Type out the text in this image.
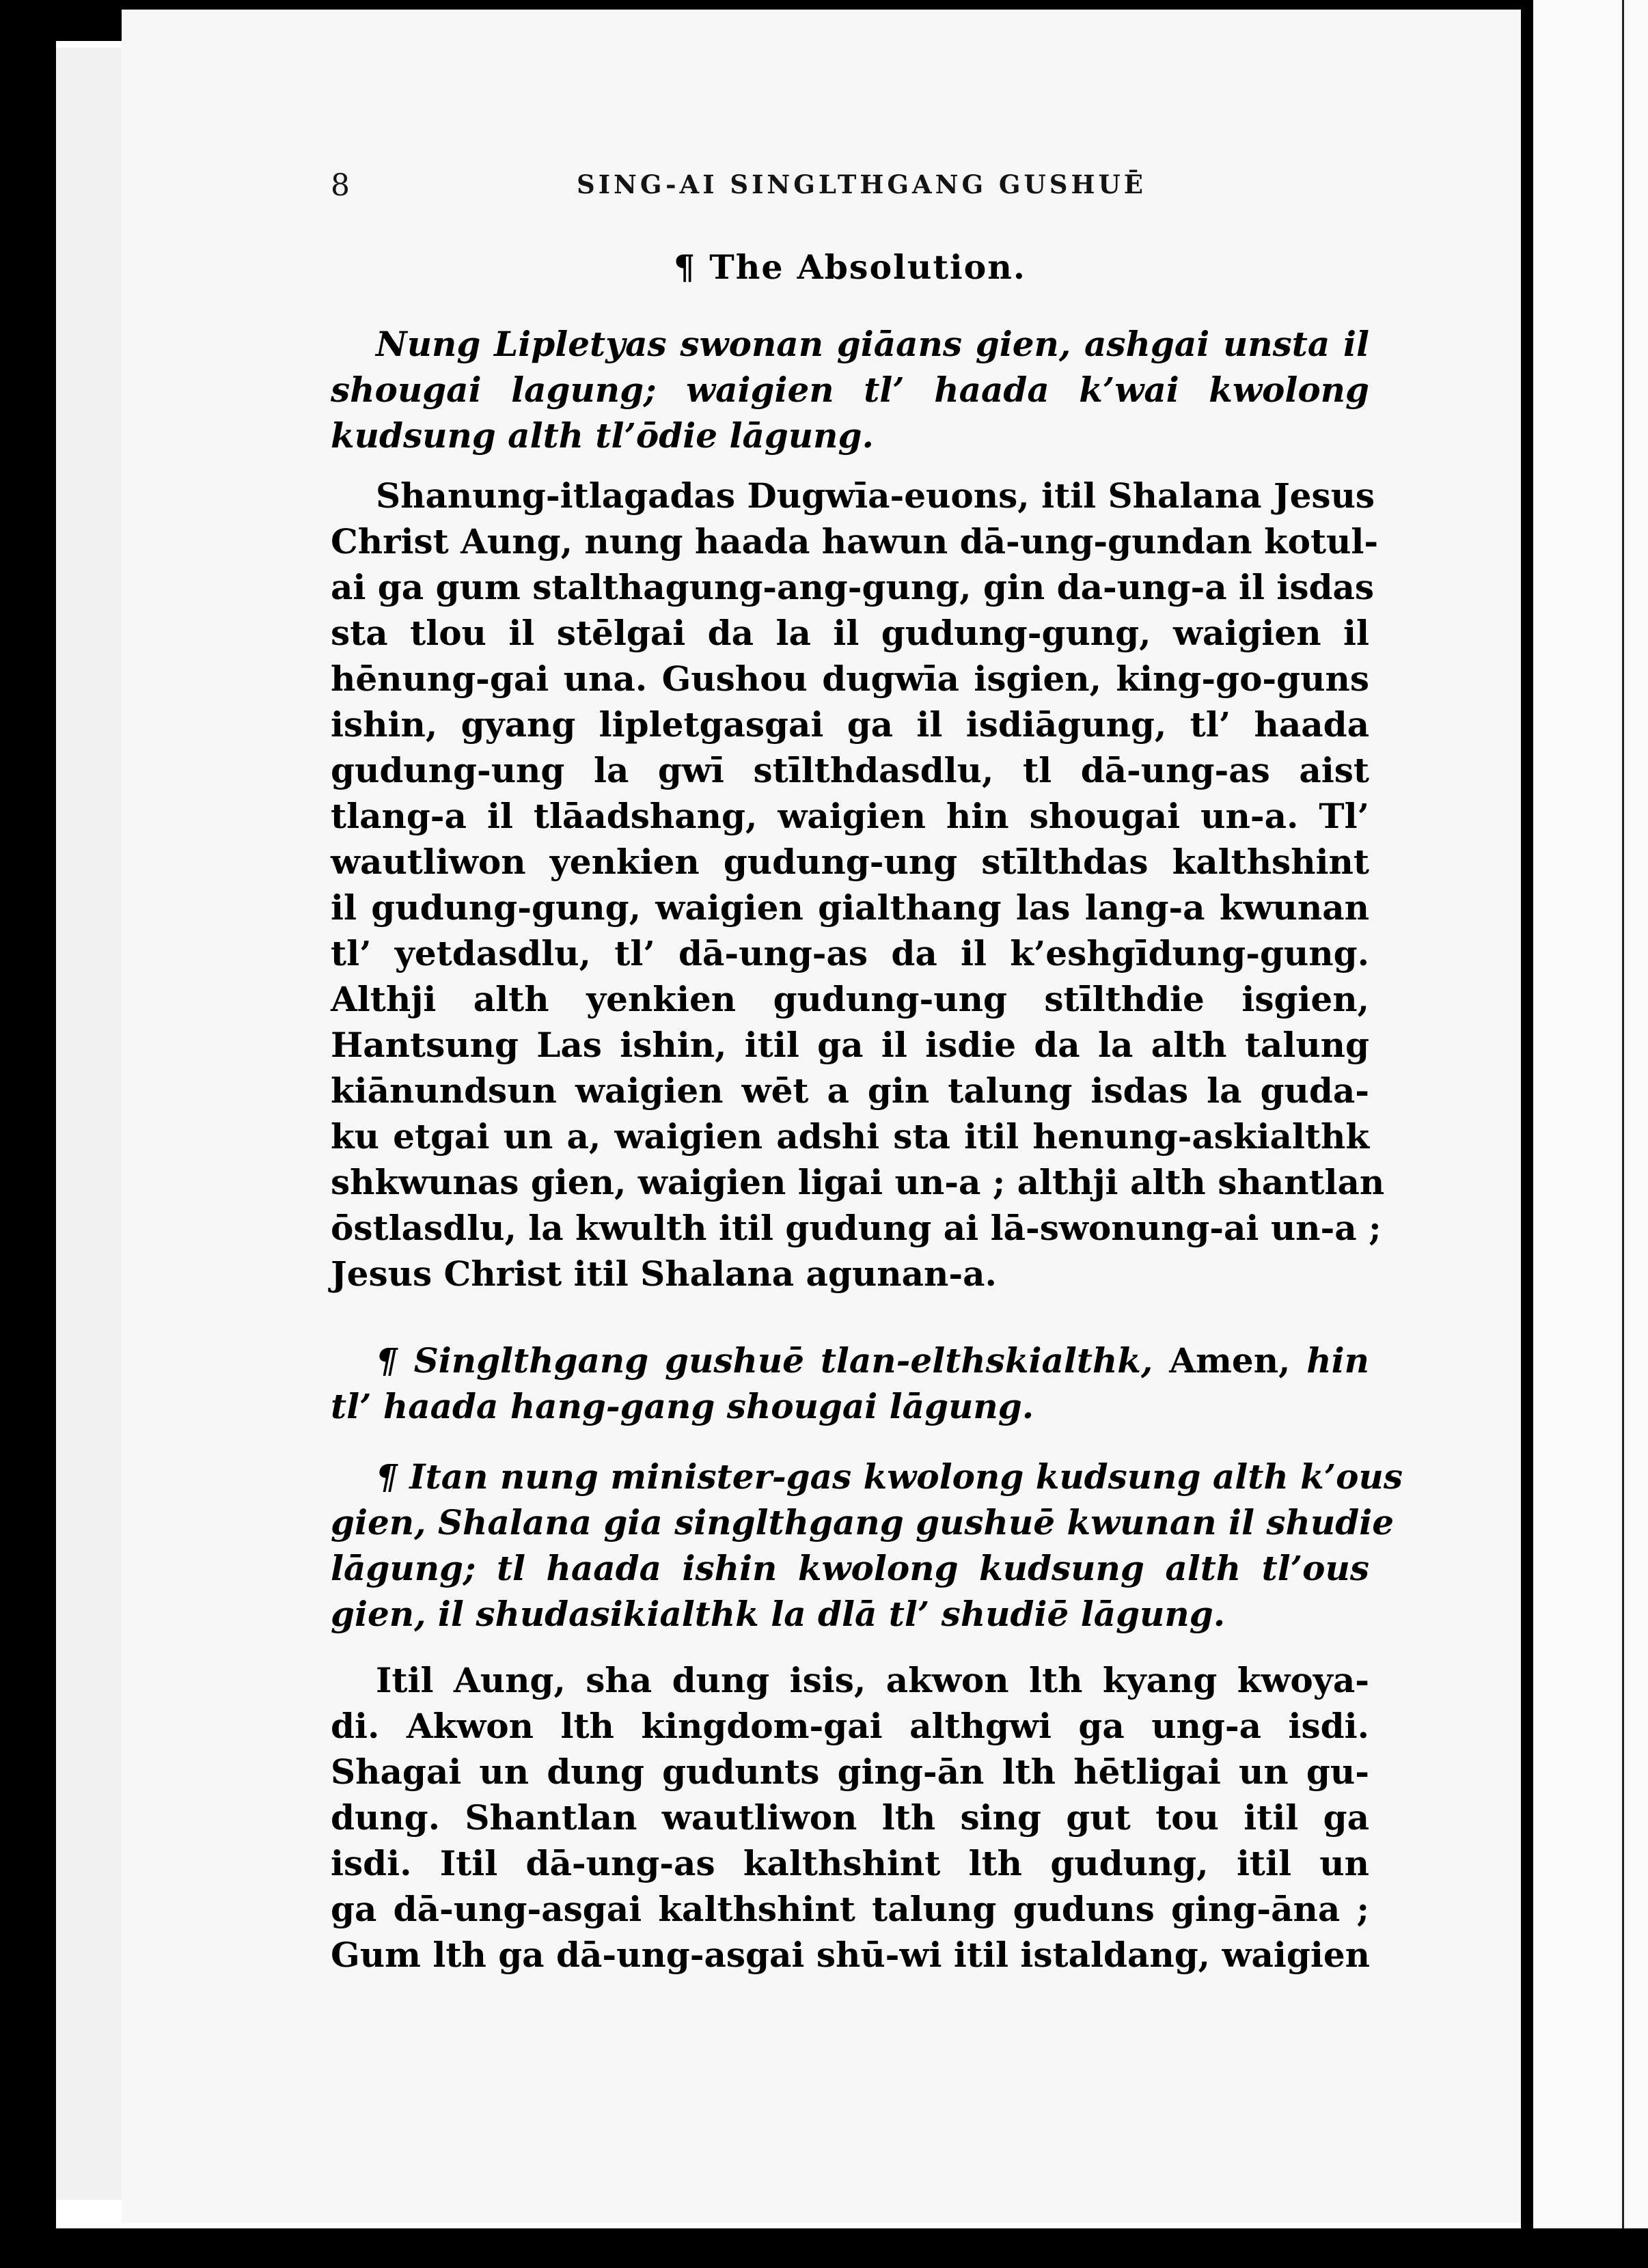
8	SING-AI SINGLTHGANG GUSHUĒ
¶ The Absolution.
Nung Lipletyas swonan giāans gien, ashgai unsta il
shougai lagung; waigien tl’ haada k’wai kwolong
kudsung alth tl’ōdie lāgung.
Shanung-itlagadas Dugwīa-euons, itil Shalana Jesus
Christ Aung, nung haada hawun dā-ung-gundan kotul-
ai ga gum stalthagung-ang-gung, gin da-ung-a il isdas
sta tlou il stēlgai da la il gudung-gung, waigien il
hēnung-gai una. Gushou dugwīa isgien, king-go-guns
ishin, gyang lipletgasgai ga il isdiāgung, tl’ haada
gudung-ung la gwī stīlthdasdlu, tl dā-ung-as aist
tlang-a il tlāadshang, waigien hin shougai un-a. Tl’
wautliwon yenkien gudung-ung stīlthdas kalthshint
il gudung-gung, waigien gialthang las lang-a kwunan
tl’ yetdasdlu, tl’ dā-ung-as da il k’eshgīdung-gung.
Althji alth yenkien gudung-ung stīlthdie isgien,
Hantsung Las ishin, itil ga il isdie da la alth talung
kiānundsun waigien wēt a gin talung isdas la guda-
ku etgai un a, waigien adshi sta itil henung-askialthk
shkwunas gien, waigien ligai un-a ; althji alth shantlan
ōstlasdlu, la kwulth itil gudung ai lā-swonung-ai un-a ;
Jesus Christ itil Shalana agunan-a.
¶ Singlthgang gushuē tlan-elthskialthk, Amen, hin
tl’ haada hang-gang shougai lāgung.
¶ Itan nung minister-gas kwolong kudsung alth k’ous
gien, Shalana gia singlthgang gushuē kwunan il shudie
lāgung; tl haada ishin kwolong kudsung alth tl’ous
gien, il shudasikialthk la dlā tl’ shudiē lāgung.
Itil Aung, sha dung isis, akwon lth kyang kwoya-
di. Akwon lth kingdom-gai althgwi ga ung-a isdi.
Shagai un dung gudunts ging-ān lth hētligai un gu-
dung. Shantlan wautliwon lth sing gut tou itil ga
isdi. Itil dā-ung-as kalthshint lth gudung, itil un
ga dā-ung-asgai kalthshint talung guduns ging-āna ;
Gum lth ga dā-ung-asgai shū-wi itil istaldang, waigien
